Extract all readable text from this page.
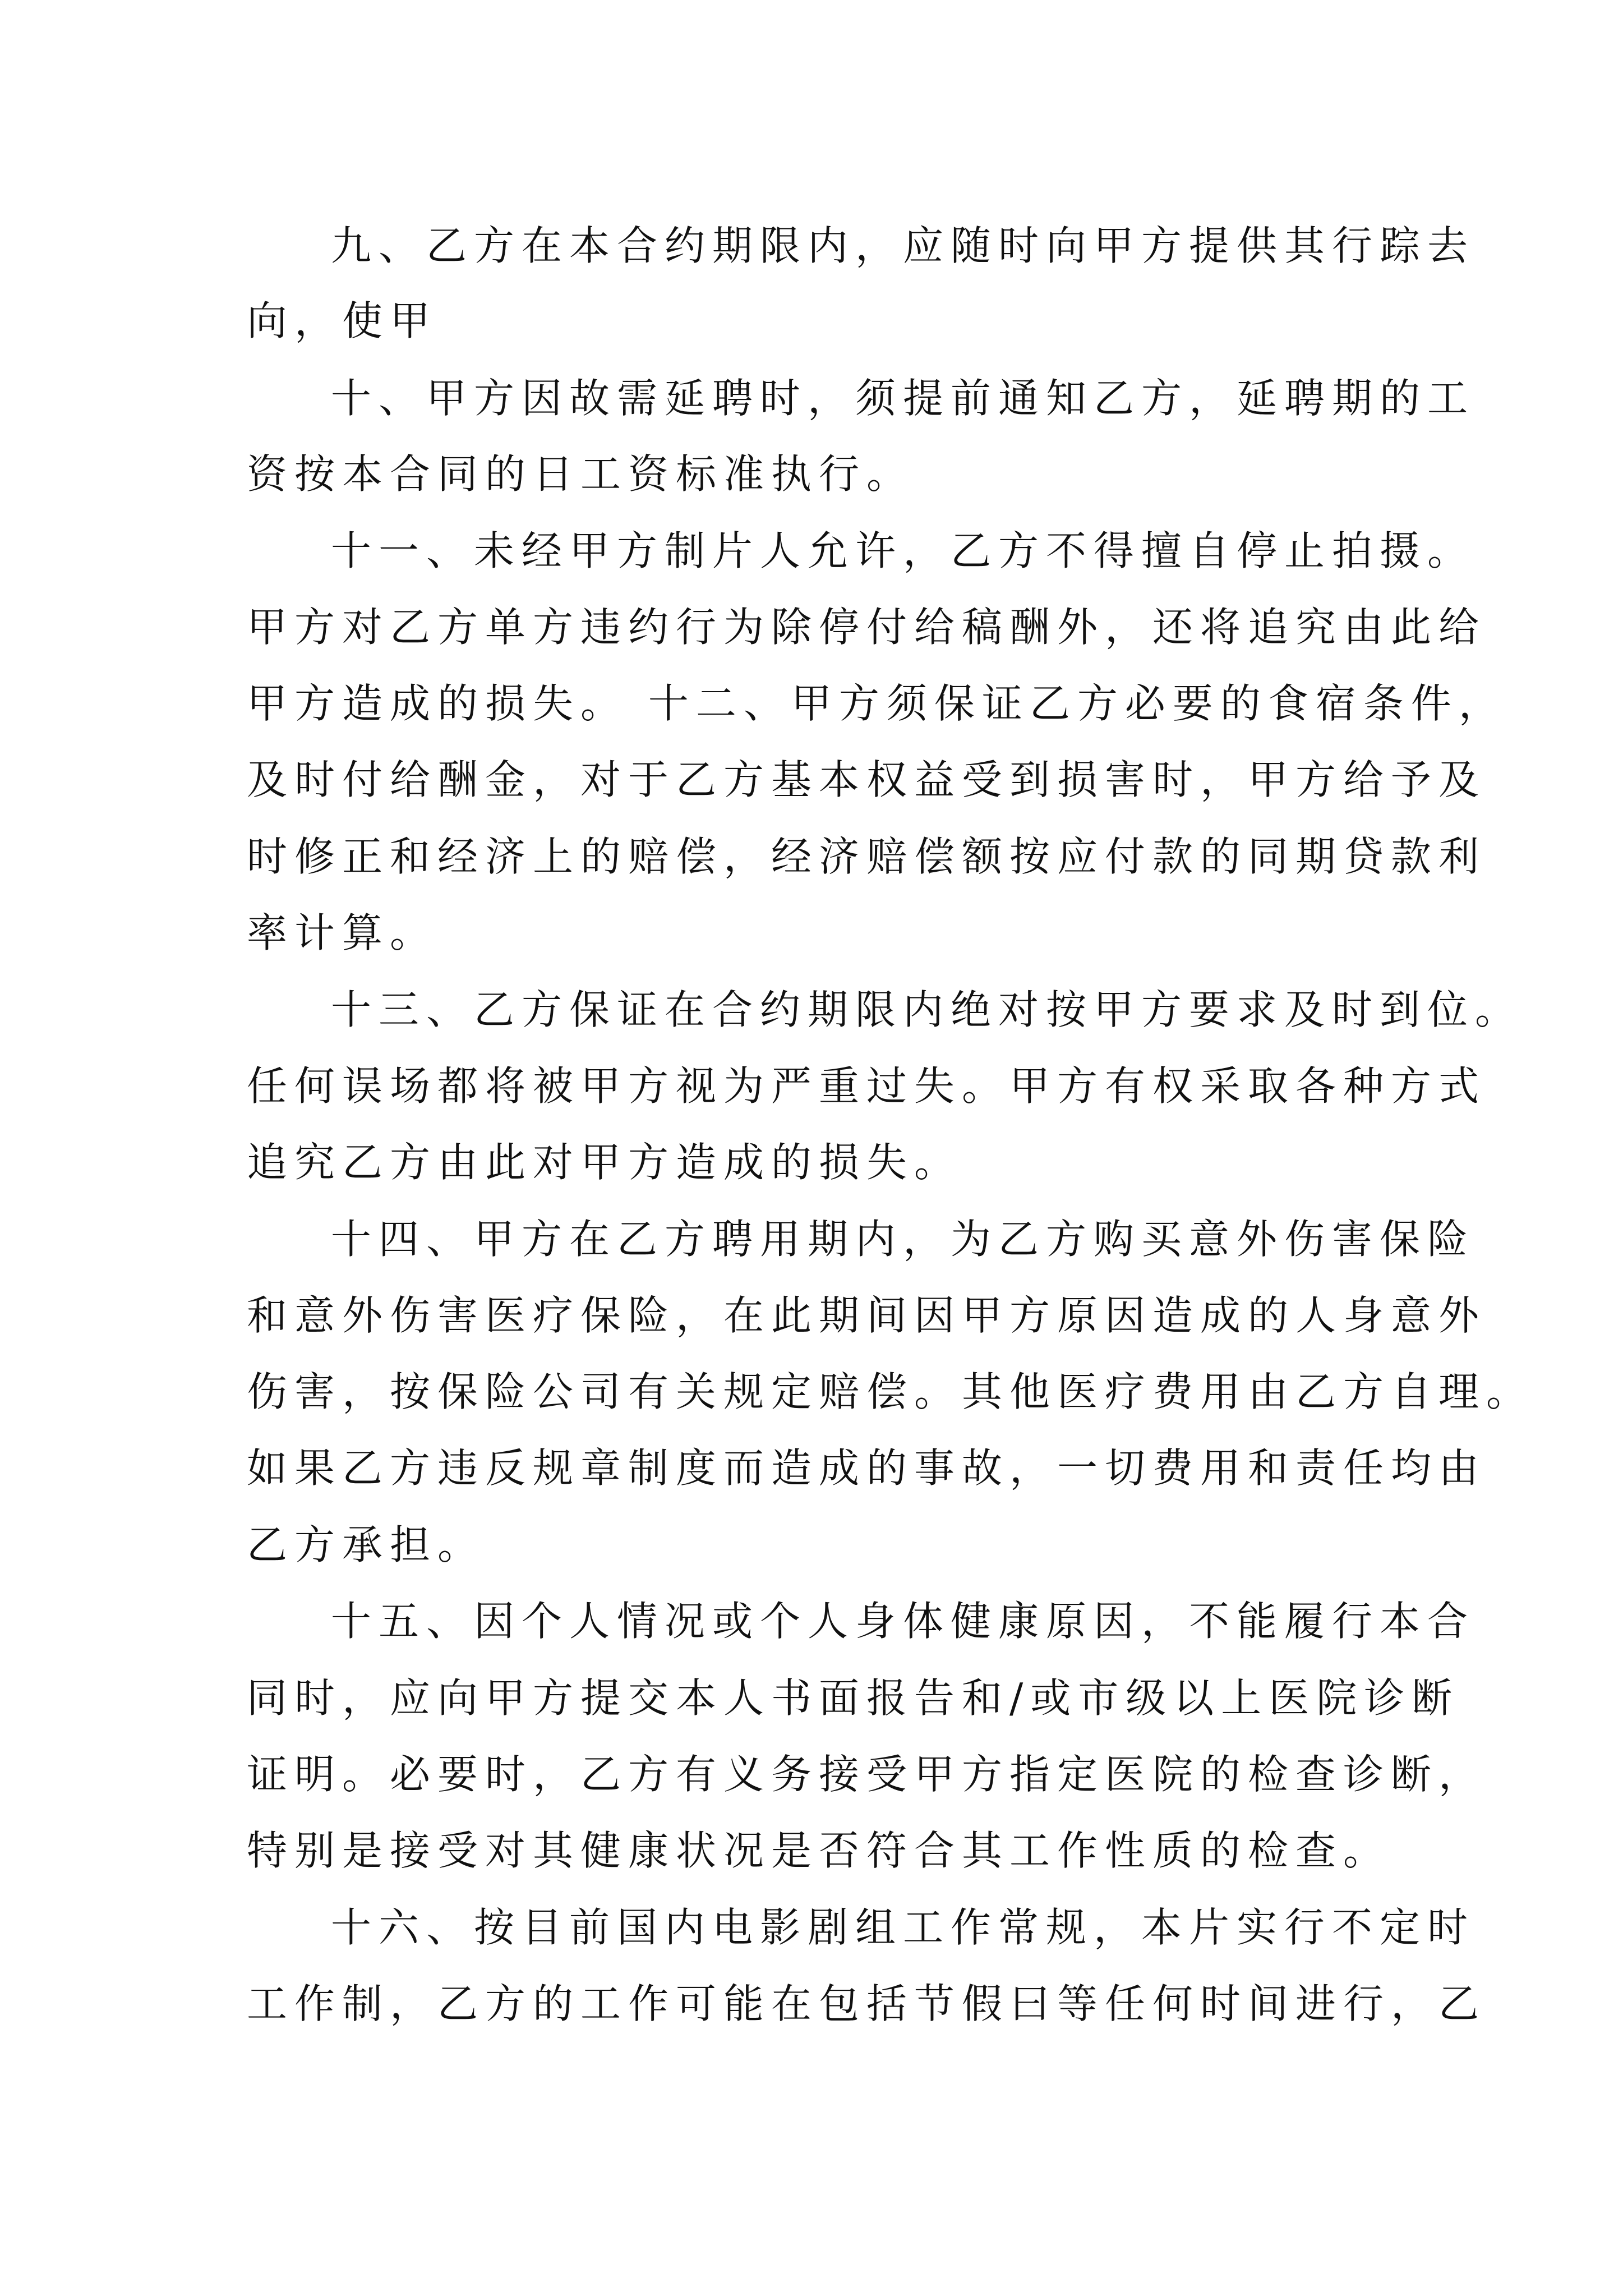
九、乙方在本合约期限内，应随时向甲方提供其行踪去
向，使甲
十、甲方因故需延聘时，须提前通知乙方，延聘期的工
资按本合同的日工资标准执行。
十一、未经甲方制片人允许，乙方不得擅自停止拍摄。
甲方对乙方单方违约行为除停付给稿酬外，还将追究由此给
甲方造成的损失。 十二、甲方须保证乙方必要的食宿条件，
及时付给酬金，对于乙方基本权益受到损害时，甲方给予及
时修正和经济上的赔偿，经济赔偿额按应付款的同期贷款利
率计算。
十三、乙方保证在合约期限内绝对按甲方要求及时到位。
任何误场都将被甲方视为严重过失。甲方有权采取各种方式
追究乙方由此对甲方造成的损失。
十四、甲方在乙方聘用期内，为乙方购买意外伤害保险
和意外伤害医疗保险，在此期间因甲方原因造成的人身意外
伤害，按保险公司有关规定赔偿。其他医疗费用由乙方自理。
如果乙方违反规章制度而造成的事故，一切费用和责任均由
乙方承担。
十五、因个人情况或个人身体健康原因，不能履行本合
同时，应向甲方提交本人书面报告和/或市级以上医院诊断
证明。必要时，乙方有义务接受甲方指定医院的检查诊断，
特别是接受对其健康状况是否符合其工作性质的检查。
十六、按目前国内电影剧组工作常规，本片实行不定时
工作制，乙方的工作可能在包括节假曰等任何时间进行，乙
